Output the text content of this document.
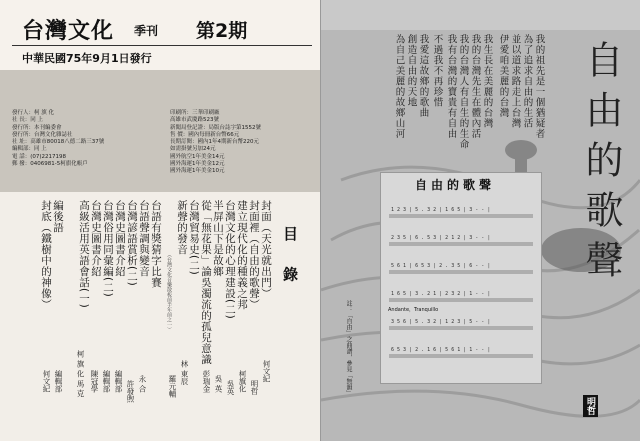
台灣文化 季刊 第2期
中華民國75年9月1日發行
發行人：柯 旗 化
社 長：同 上
發行所：本刊編委會
發行所：台灣文化雜誌社
社 址：高雄市80018八德二路三37號
編輯部：同 上
電 話：(07)2217198
郵 撥：0406981-5柯旗化帳戶
印刷所：三華印刷廠
高雄市武慶路523號
新聞局登記證：局版台誌字第1552號
售 價：國內每冊新台幣66元
長期訂閱：國內1年4期新台幣220元
如需掛號另加24元
國外航空1年美金14元
國外海運1年美金12元
國外海運1年美金10元
目 錄
封面（天光就出門）
封面裡（自由的歌聲）
建立現代化的種義之邦
台灣文化的心理建設(二)
半屏山下是故鄉
從「無花果」論吳濁流的孤兒意識
台灣貿易史(二)
新聲的發音
（台灣文化音樂散板前半年前之一）
台語有獎猜字比賽
台語聲調與變音
台灣諺語賞析(二)
台灣史圖書介紹
台灣俗用同彙編(二)
台灣史圖書介紹
高級活用英語會話(一)
編後語
封底（鐵樹中的神像）
何文紀
明哲
柯旗化
吳英
吳 英
彭瑞金
林 東辰
羅元輔
永 合
許發煦
編輯部
編輯部
陳冠學
柯 旗 化 馬 克
編輯部
何文紀
我的祖先是一個猶疑者
為了追求自由的生活
並以道求路走上台灣
伊愛咱美麗的台灣
我生長在美麗的台灣
我的台灣先生在體內活
我的台灣人有自生的生命
我有台灣的寶貴有自由
不過我不再珍惜
我愛這故鄉的歌曲
創造自由的天地
為自己美麗的故鄉山河	自由的歌聲
1 2 3 | 5 . 3 2 | 1 6 5 | 3 - - |
2 3 5 | 6 . 5 3 | 2 1 2 | 3 - - |
5 6 1 | 6 5 3 | 2 . 3 5 | 6 - - |
1 6 5 | 3 . 2 1 | 2 3 2 | 1 - - |
3 5 6 | 5 . 3 2 | 1 2 3 | 5 - - |
6 5 3 | 2 . 1 6 | 5 6 1 | 1 - - |
自由的歌聲
Andante，Tranquillo
註：「自由」之曲譜，參見「無韻」
明哲
